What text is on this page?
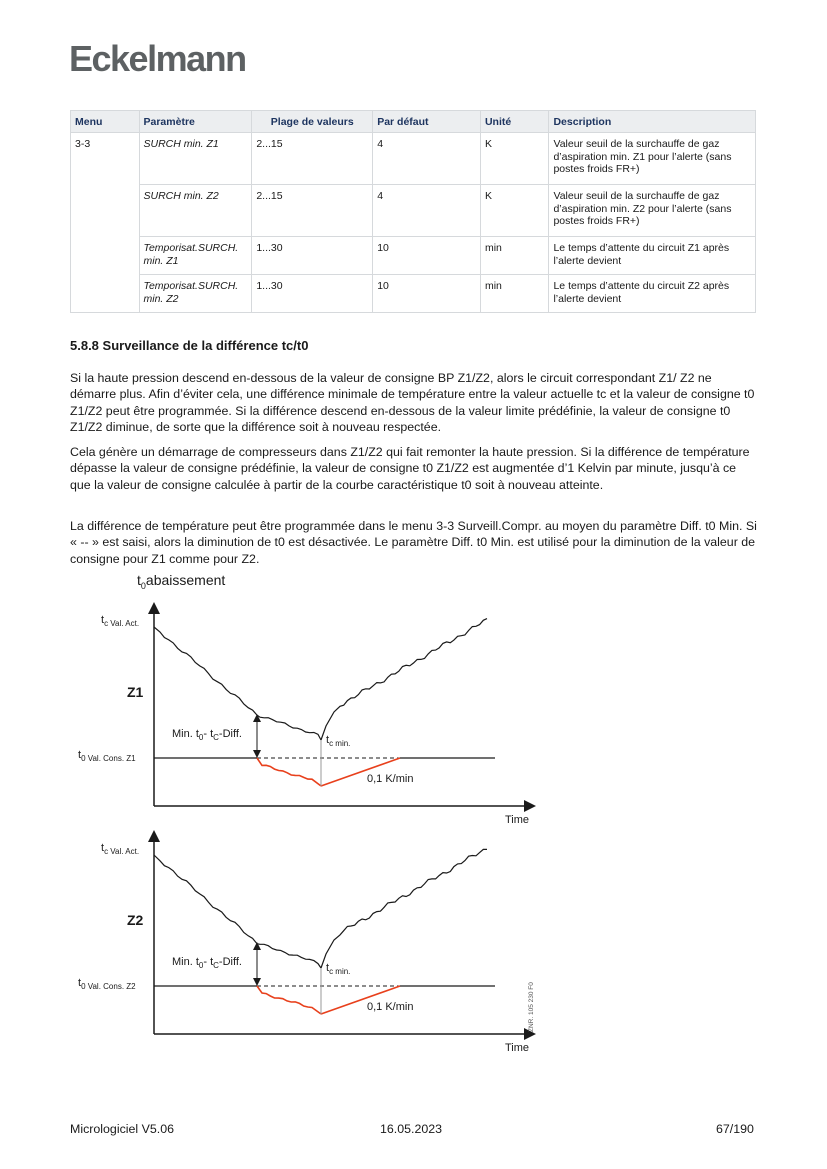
Eckelmann
Menu	Paramètre	Plage de valeurs	Par défaut	Unité	Description
3-3	SURCH min. Z1	2...15	4	K	Valeur seuil de la surchauffe de gaz d’aspiration min. Z1 pour l’alerte (sans postes froids FR+)
	SURCH min. Z2	2...15	4	K	Valeur seuil de la surchauffe de gaz d’aspiration min. Z2 pour l’alerte (sans postes froids FR+)
	Temporisat.SURCH. min. Z1	1...30	10	min	Le temps d’attente du circuit Z1 après l’alerte devient
	Temporisat.SURCH. min. Z2	1...30	10	min	Le temps d’attente du circuit Z2 après l’alerte devient
5.8.8 Surveillance de la différence tc/t0

Si la haute pression descend en-dessous de la valeur de consigne BP Z1/Z2, alors le circuit correspondant Z1/ Z2 ne démarre plus. Afin d’éviter cela, une différence minimale de température entre la valeur actuelle tc et la valeur de consigne t0 Z1/Z2 peut être programmée. Si la différence descend en-dessous de la valeur limite prédéfinie, la valeur de consigne t0 Z1/Z2 diminue, de sorte que la différence soit à nouveau respectée.

Cela génère un démarrage de compresseurs dans Z1/Z2 qui fait remonter la haute pression. Si la différence de température dépasse la valeur de consigne prédéfinie, la valeur de consigne t0 Z1/Z2 est augmentée d’1 Kelvin par minute, jusqu’à ce que la valeur de consigne calculée à partir de la courbe caractéristique t0 soit à nouveau atteinte.

La différence de température peut être programmée dans le menu 3-3 Surveill.Compr. au moyen du paramètre Diff. t0 Min. Si « -- » est saisi, alors la diminution de t0 est désactivée. Le paramètre Diff. t0 Min. est utilisé pour la diminution de la valeur de consigne pour Z1 comme pour Z2.

$t_0abaissement$
$t_{c Val. Act.}$
Z1
Min. $t_0-$ $t_C$-Diff.	$t_{c min.}$
$t_{0 Val. Cons. Z1}$
0,1 K/min
Time
$t_{c Val. Act.}$
Z2
Min. $t_0-$ $t_C$-Diff.	$t_{c min.}$
$t_{0 Val. Cons. Z2}$
0,1 K/min
Time
ZNR. 105 230 F0
Micrologiciel V5.06	16.05.2023	67/190
